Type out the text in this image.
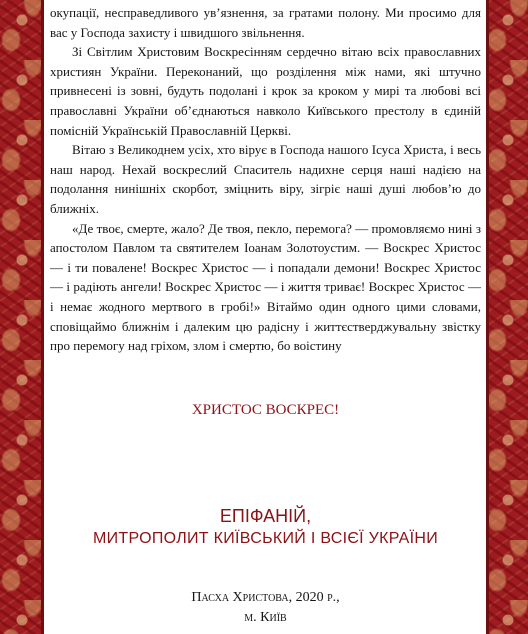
окупації, несправедливого ув’язнення, за гратами полону. Ми просимо для вас у Господа захисту і швидшого звільнення.

Зі Світлим Христовим Воскресінням сердечно вітаю всіх православних християн України. Переконаний, що розділення між нами, які штучно привнесені із зовні, будуть подолані і крок за кроком у мирі та любові всі православні України об’єднаються навколо Київського престолу в єдиній помісній Українській Православній Церкві.

Вітаю з Великоднем усіх, хто вірує в Господа нашого Ісуса Христа, і весь наш народ. Нехай воскреслий Спаситель надихне серця наші надією на подолання нинішніх скорбот, зміцнить віру, зігріє наші душі любов’ю до ближніх.

«Де твоє, смерте, жало? Де твоя, пекло, перемога? — промовляємо нині з апостолом Павлом та святителем Іоанам Золотоустим. — Воскрес Христос — і ти повалене! Воскрес Христос — і попадали демони! Воскрес Христос — і радіють ангели! Воскрес Христос — і життя триває! Воскрес Христос — і немає жодного мертвого в гробі!» Вітаймо один одного цими словами, сповіщаймо ближнім і далеким цю радісну і життєстверджувальну звістку про перемогу над гріхом, злом і смертю, бо воістину

ХРИСТОС ВОСКРЕС!
ЕПІФАНІЙ,
МИТРОПОЛИТ КИЇВСЬКИЙ І ВСІЄЇ УКРАЇНИ
Пасха Христова, 2020 р.,
м. Київ
